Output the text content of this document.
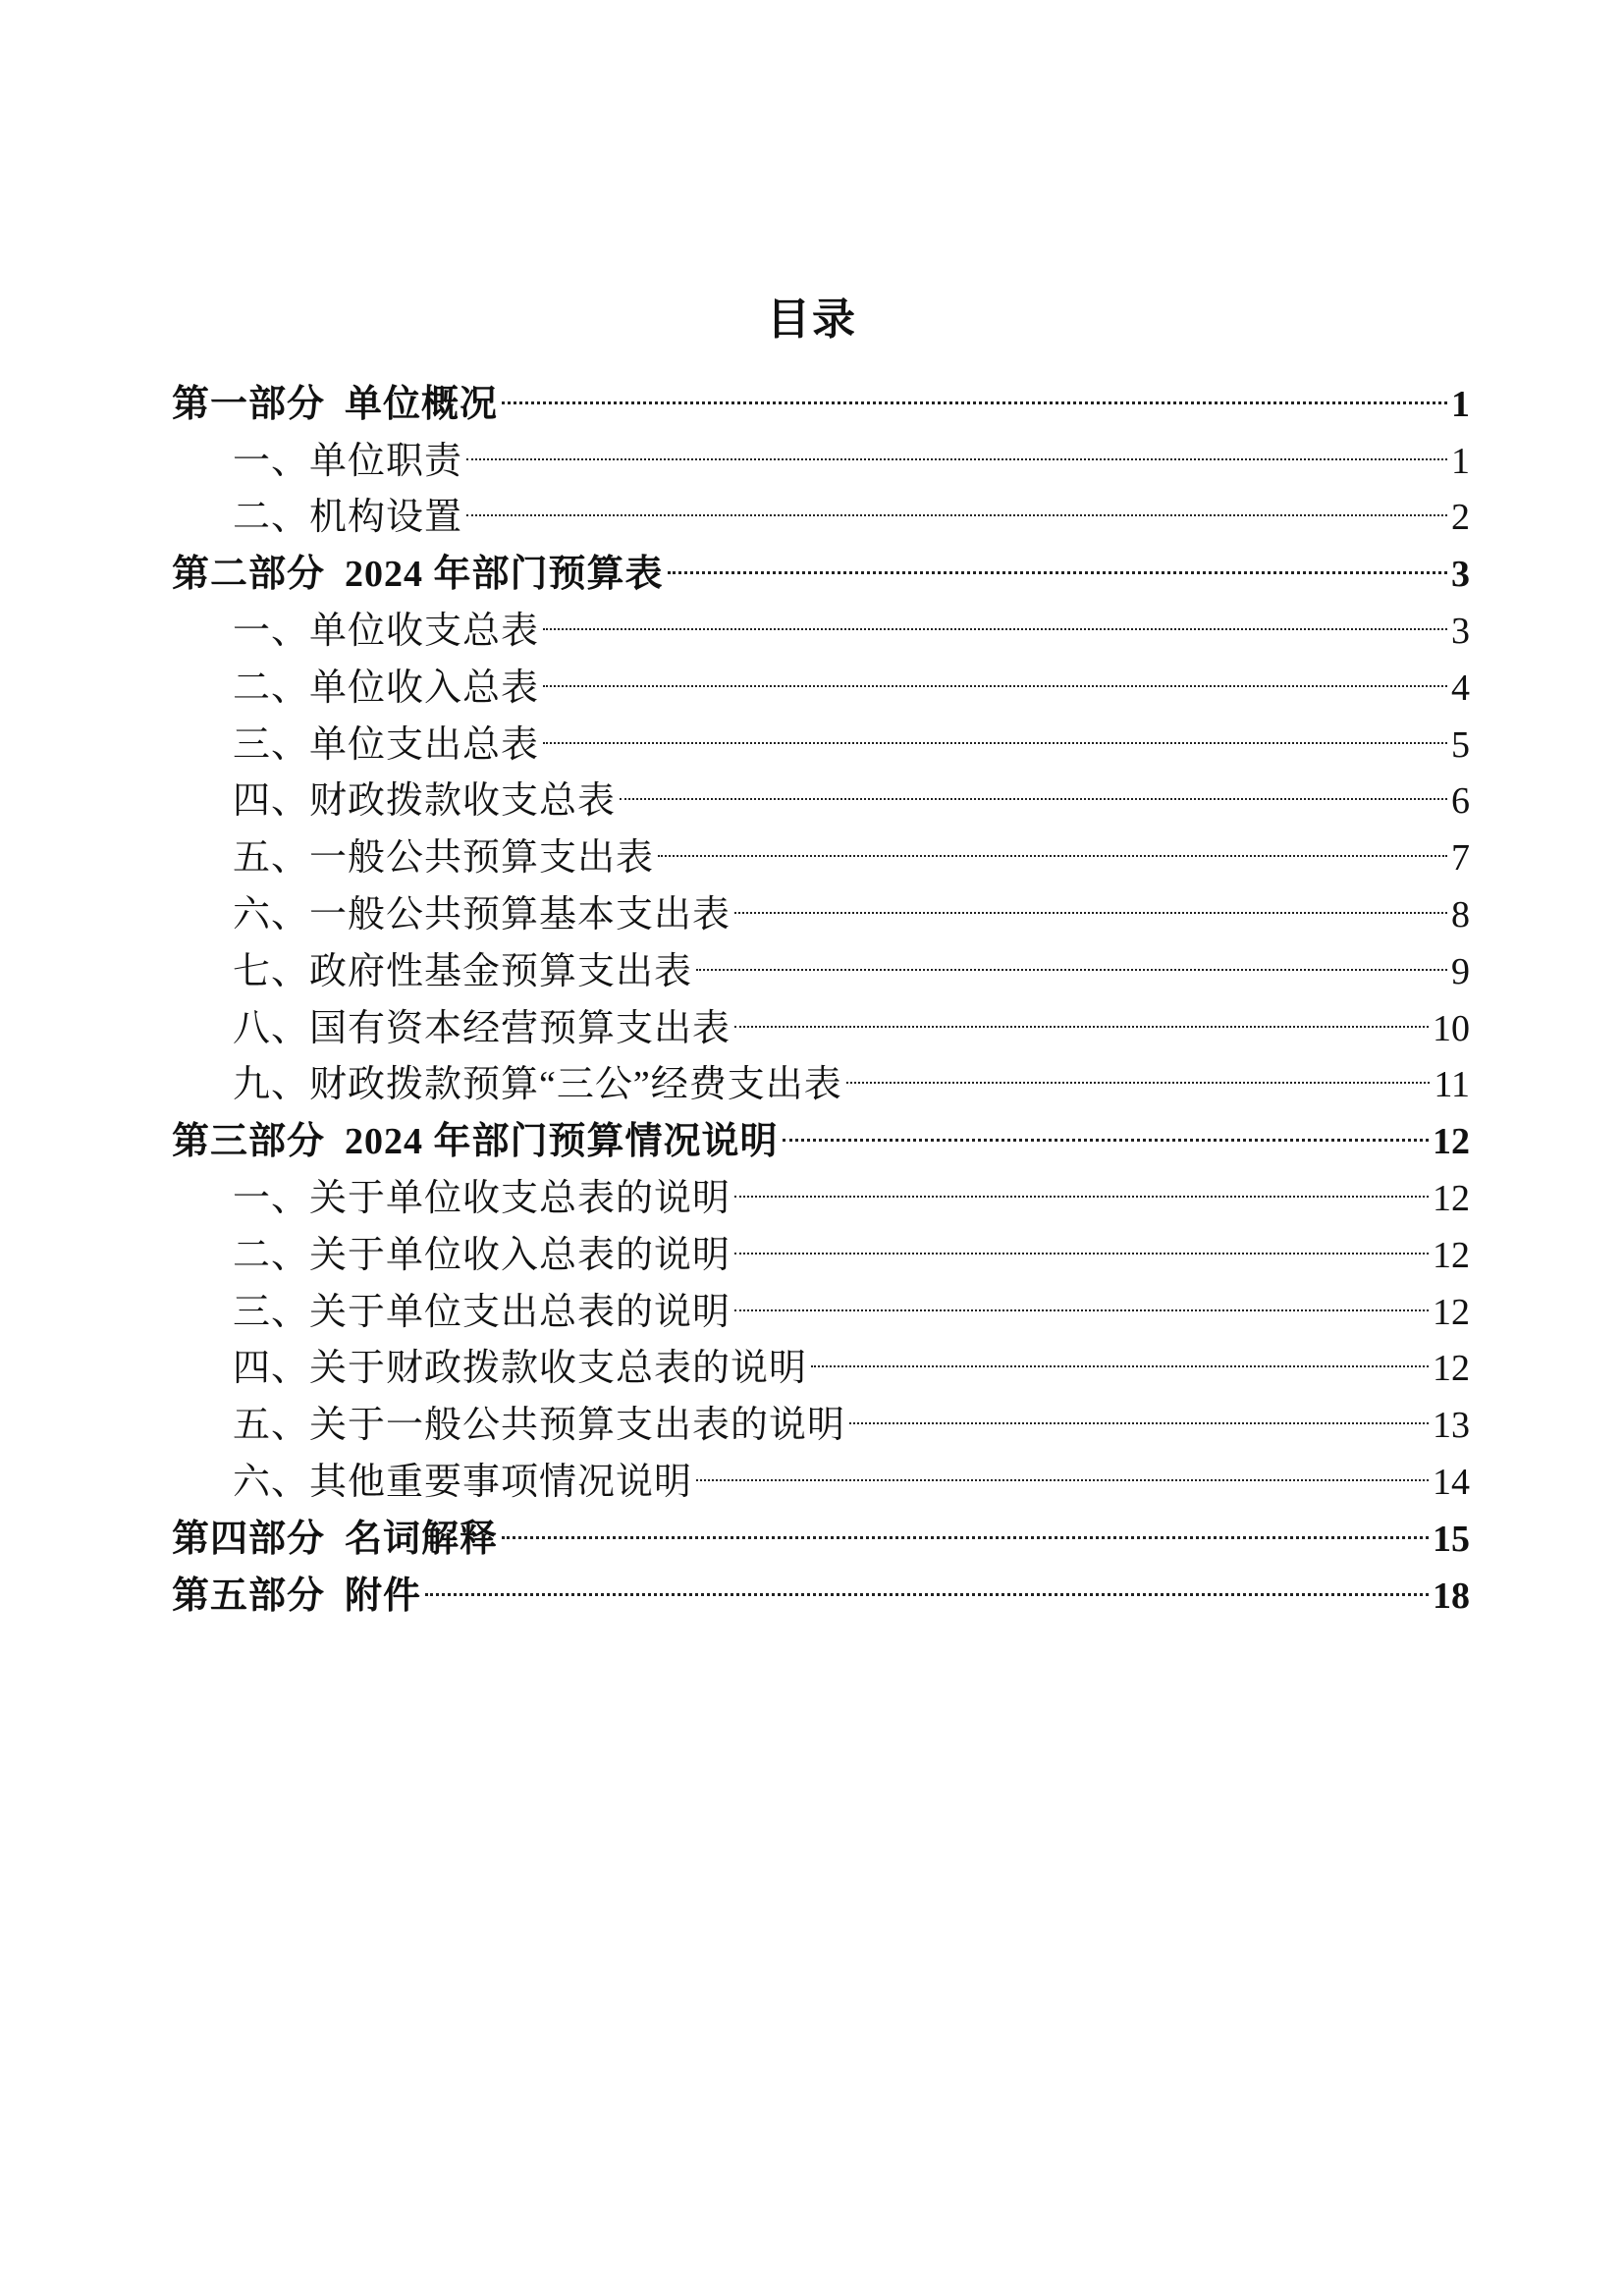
目录
第一部分 单位概况	1
一、单位职责	1
二、机构设置	2
第二部分 2024 年部门预算表	3
一、单位收支总表	3
二、单位收入总表	4
三、单位支出总表	5
四、财政拨款收支总表	6
五、一般公共预算支出表	7
六、一般公共预算基本支出表	8
七、政府性基金预算支出表	9
八、国有资本经营预算支出表	10
九、财政拨款预算“三公”经费支出表	11
第三部分 2024 年部门预算情况说明	12
一、关于单位收支总表的说明	12
二、关于单位收入总表的说明	12
三、关于单位支出总表的说明	12
四、关于财政拨款收支总表的说明	12
五、关于一般公共预算支出表的说明	13
六、其他重要事项情况说明	14
第四部分 名词解释	15
第五部分 附件	18
